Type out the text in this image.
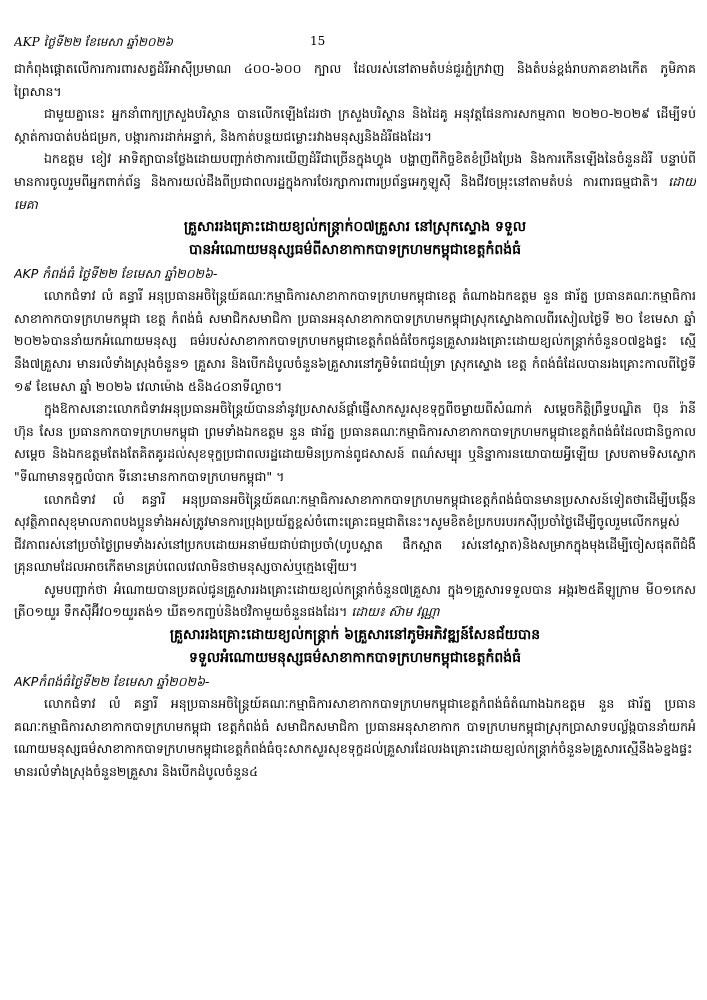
AKP ថ្ងៃទី២២ ខែមេសា ឆ្នាំ២០២៦	15

ជាកំពុងផ្តោតលើការការពារសត្វដំរីអាស៊ីប្រមាណ ៤០០-៦០០ ក្បាល ដែលរស់នៅតាមតំបន់ជួរភ្នំក្រវាញ និងតំបន់ខ្ពង់រាបភាគខាងកើត ភូមិភាគព្រៃសាន។

ជាមួយគ្នានេះ អ្នកនាំពាក្យក្រសួងបរិស្ថាន បានលើកឡើងដែរថា ក្រសួងបរិស្ថាន និងដៃគូ អនុវត្តផែនការសកម្មភាព ២០២០-២០២៩ ដើម្បីទប់ស្កាត់ការបាត់បង់ជម្រក, បង្ការការដាក់អន្ទាក់, និងកាត់បន្ថយជម្លោះរវាងមនុស្សនិងដំរីផងដែរ។

ឯកឧត្តម ខៀវ អាទិត្យាបានថ្លែងដោយបញ្ជាក់ថាការយើញដំរីជាច្រើនក្នុងហ្វូង បង្ហាញពីកិច្ចខិតខំប្រឹងប្រែង និងការកើនឡើងនៃចំនួនដំរី បន្ទាប់ពីមានការចូលរួមពីអ្នកពាក់ព័ន្ធ និងការយល់ដឹងពីប្រជាពលរដ្ឋក្នុងការថែរក្សាការពារប្រព័ន្ធអេកូឡូស៊ី និងជីវចម្រុះនៅតាមតំបន់ ការពារធម្មជាតិ។ ដោយ មេគា

គ្រួសាររងគ្រោះដោយខ្យល់កន្ត្រាក់០៧គ្រួសារ នៅស្រុកស្ទោង ទទួល
បានអំណោយមនុស្សធម៌ពីសាខាកាកបាទក្រហមកម្ពុជាខេត្តកំពង់ធំ
AKP កំពង់ធំ ថ្ងៃទី២២ ខែមេសា ឆ្នាំ២០២៦-

លោកជំទាវ លំ គន្ធារី អនុប្រធានអចិន្ត្រៃយ៍គណៈកម្មាធិការសាខាកាកបាទក្រហមកម្ពុជាខេត្ត តំណាងឯកឧត្តម នួន ផារ័ត្ន ប្រធានគណៈកម្មាធិការសាខាកាកបាទក្រហមកម្ពុជា ខេត្ត កំពង់ធំ សមាជិកសមាជិកា ប្រធានអនុសាខាកាកបាទក្រហមកម្ពុជាស្រុកស្ទោងកាលពីរសៀលថ្ងៃទី ២០ ខែមេសា ឆ្នាំ ២០២៦បាននាំយកអំណោយមនុស្ស ធម៌របស់សាខាកាកបាទក្រហមកម្ពុជាខេត្តកំពង់ធំចែកជូនគ្រួសាររងគ្រោះដោយខ្យល់កន្ត្រាក់ចំនួន០៧ខ្នងផ្ទះ ស្មើនឹង៧គ្រួសារ មានរលំទាំងស្រុងចំនួន១ គ្រួសារ និងបើកដំបូលចំនួន៦គ្រួសារនៅភូមិទំពេជឃុំទ្រា ស្រុកស្ទោង ខេត្ត កំពង់ធំដែលបានរងគ្រោះកាលពីថ្ងៃទី ១៩ ខែមេសា ឆ្នាំ ២០២៦ វេលាម៉ោង ៥និង៤០នាទីល្ងាច។

ក្នុងឱកាសនោះលោកជំទាវអនុប្រធានអចិន្ត្រៃយ៍បាននាំនូវប្រសាសន៍ផ្តាំផ្ញើសាកសួរសុខទុក្ខពីចម្ងាយពីសំណាក់ សម្តេចកិត្តិព្រឹទ្ធបណ្ឌិត ប៊ុន រ៉ានី ហ៊ុន សែន ប្រធានកាកបាទក្រហមកម្ពុជា ព្រមទាំងឯកឧត្តម នួន ផារ័ត្ន ប្រធានគណៈកម្មាធិការសាខាកាកបាទក្រហមកម្ពុជាខេត្តកំពង់ធំដែលជានិច្ចកាលសម្តេច និងឯកឧត្តមតែងតែគិតគូរដល់សុខទុក្ខប្រជាពលរដ្ឋដោយមិនប្រកាន់ពូជសាសន៍ ពណ៌សម្បុរ ឬនិន្នាការនយោបាយអ្វីឡើយ ស្របតាមទិសស្លោក "ទីណាមានទុក្ខលំបាក ទីនោះមានកាកបាទក្រហមកម្ពុជា" ។

លោកជំទាវ លំ គន្ធារី អនុប្រធានអចិន្ត្រៃយ៍គណៈកម្មាធិការសាខាកាកបាទក្រហមកម្ពុជាខេត្តកំពង់ធំបានមានប្រសាសន៍ទៀតថាដើម្បីបង្កើនសុវត្ថិភាពសុខុមាលភាពបងប្អូនទាំងអស់ត្រូវមានការប្រុងប្រយ័ត្នខ្ពស់ចំពោះគ្រោះធម្មជាតិនេះ។សូមខិតខំប្រកបរបរកស៊ីប្រចាំថ្ងៃដើម្បីចូលរួមលើកកម្ពស់ជីវភាពរស់នៅប្រចាំថ្ងៃព្រមទាំងរស់នៅប្រកបដោយអនាម័យជាប់ជាប្រចាំ(ហូបស្អាត ផឹកស្អាត រស់នៅស្អាត)និងសម្រាកក្នុងមុងដើម្បីចៀសផុតពីជំងឺ គ្រុនឈាមដែលអាចកើតមានគ្រប់ពេលវេលាមិនថាមនុស្សចាស់ឬក្មេងឡើយ។

សូមបញ្ជាក់ថា អំណោយបានប្រគល់ជូនគ្រួសាររងគ្រោះដោយខ្យល់កន្ត្រាក់ចំនួន៧គ្រួសារ ក្នុង១គ្រួសារទទួលបាន អង្ករ២៥គីឡូក្រាម មី០១កេស ត្រី០១យួរ ទឹកស៊ីអ៊ីវ០១យួរតង់១ ឃីត១កញ្ចប់និងថវិកាមួយចំនួនផងដែរ។ ដោយ៖ ស៊ាម វណ្ណា

គ្រួសាររងគ្រោះដោយខ្យល់កន្ត្រាក់ ៦គ្រួសារនៅភូមិអភិវឌ្ឍន៍សែនជ័យបាន
ទទួលអំណោយមនុស្សធម៌សាខាកាកបាទក្រហមកម្ពុជាខេត្តកំពង់ធំ
AKPកំពង់ធំថ្ងៃទី២២ ខែមេសា ឆ្នាំ២០២៦-

លោកជំទាវ លំ គន្ធារី អនុប្រធានអចិន្ត្រៃយ៍គណៈកម្មាធិការសាខាកាកបាទក្រហមកម្ពុជាខេត្តកំពង់ធំតំណាងឯកឧត្តម នួន ផារ័ត្ន ប្រធានគណៈកម្មាធិការសាខាកាកបាទក្រហមកម្ពុជា ខេត្តកំពង់ធំ សមាជិកសមាជិកា ប្រធានអនុសាខាកាក បាទក្រហមកម្ពុជាស្រុកប្រាសាទបល្ល័ង្កបាននាំយកអំ ណោយមនុស្សធម៌សាខាកាកបាទក្រហមកម្ពុជាខេត្តកំពង់ធំចុះសាកសួរសុខទុក្ខដល់គ្រួសារដែលរងគ្រោះដោយខ្យល់កន្ត្រាក់ចំនួន៦គ្រួសារស្មើនឹង៦ខ្នងផ្ទះ មានរលំទាំងស្រុងចំនួន២គ្រួសារ និងបើកដំបូលចំនួន៤
